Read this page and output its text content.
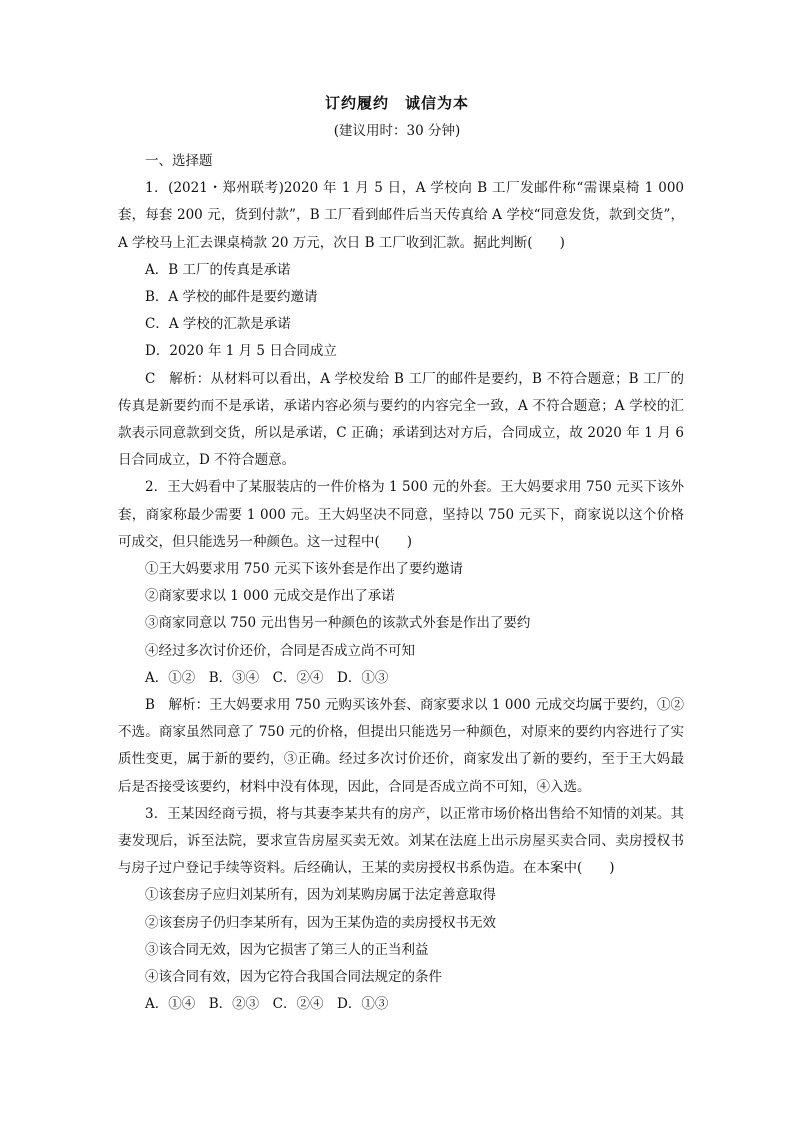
订约履约　诚信为本
(建议用时：30 分钟)

一、选择题

1．(2021・郑州联考)2020 年 1 月 5 日，A 学校向 B 工厂发邮件称“需课桌椅 1 000 套，每套 200 元，货到付款”，B 工厂看到邮件后当天传真给 A 学校“同意发货，款到交货”，A 学校马上汇去课桌椅款 20 万元，次日 B 工厂收到汇款。据此判断(　　)

A．B 工厂的传真是承诺

B．A 学校的邮件是要约邀请

C．A 学校的汇款是承诺

D．2020 年 1 月 5 日合同成立

C　解析：从材料可以看出，A 学校发给 B 工厂的邮件是要约，B 不符合题意；B 工厂的传真是新要约而不是承诺，承诺内容必须与要约的内容完全一致，A 不符合题意；A 学校的汇款表示同意款到交货，所以是承诺，C 正确；承诺到达对方后，合同成立，故 2020 年 1 月 6 日合同成立，D 不符合题意。

2．王大妈看中了某服装店的一件价格为 1 500 元的外套。王大妈要求用 750 元买下该外套，商家称最少需要 1 000 元。王大妈坚决不同意，坚持以 750 元买下，商家说以这个价格可成交，但只能选另一种颜色。这一过程中(　　)

①王大妈要求用 750 元买下该外套是作出了要约邀请

②商家要求以 1 000 元成交是作出了承诺

③商家同意以 750 元出售另一种颜色的该款式外套是作出了要约

④经过多次讨价还价，合同是否成立尚不可知

A．①②　B．③④　C．②④　D．①③

B　解析：王大妈要求用 750 元购买该外套、商家要求以 1 000 元成交均属于要约，①②不选。商家虽然同意了 750 元的价格，但提出只能选另一种颜色，对原来的要约内容进行了实质性变更，属于新的要约，③正确。经过多次讨价还价，商家发出了新的要约，至于王大妈最后是否接受该要约，材料中没有体现，因此，合同是否成立尚不可知，④入选。

3．王某因经商亏损，将与其妻李某共有的房产，以正常市场价格出售给不知情的刘某。其妻发现后，诉至法院，要求宣告房屋买卖无效。刘某在法庭上出示房屋买卖合同、卖房授权书与房子过户登记手续等资料。后经确认，王某的卖房授权书系伪造。在本案中(　　)

①该套房子应归刘某所有，因为刘某购房属于法定善意取得

②该套房子仍归李某所有，因为王某伪造的卖房授权书无效

③该合同无效，因为它损害了第三人的正当利益

④该合同有效，因为它符合我国合同法规定的条件

A．①④　B．②③　C．②④　D．①③
